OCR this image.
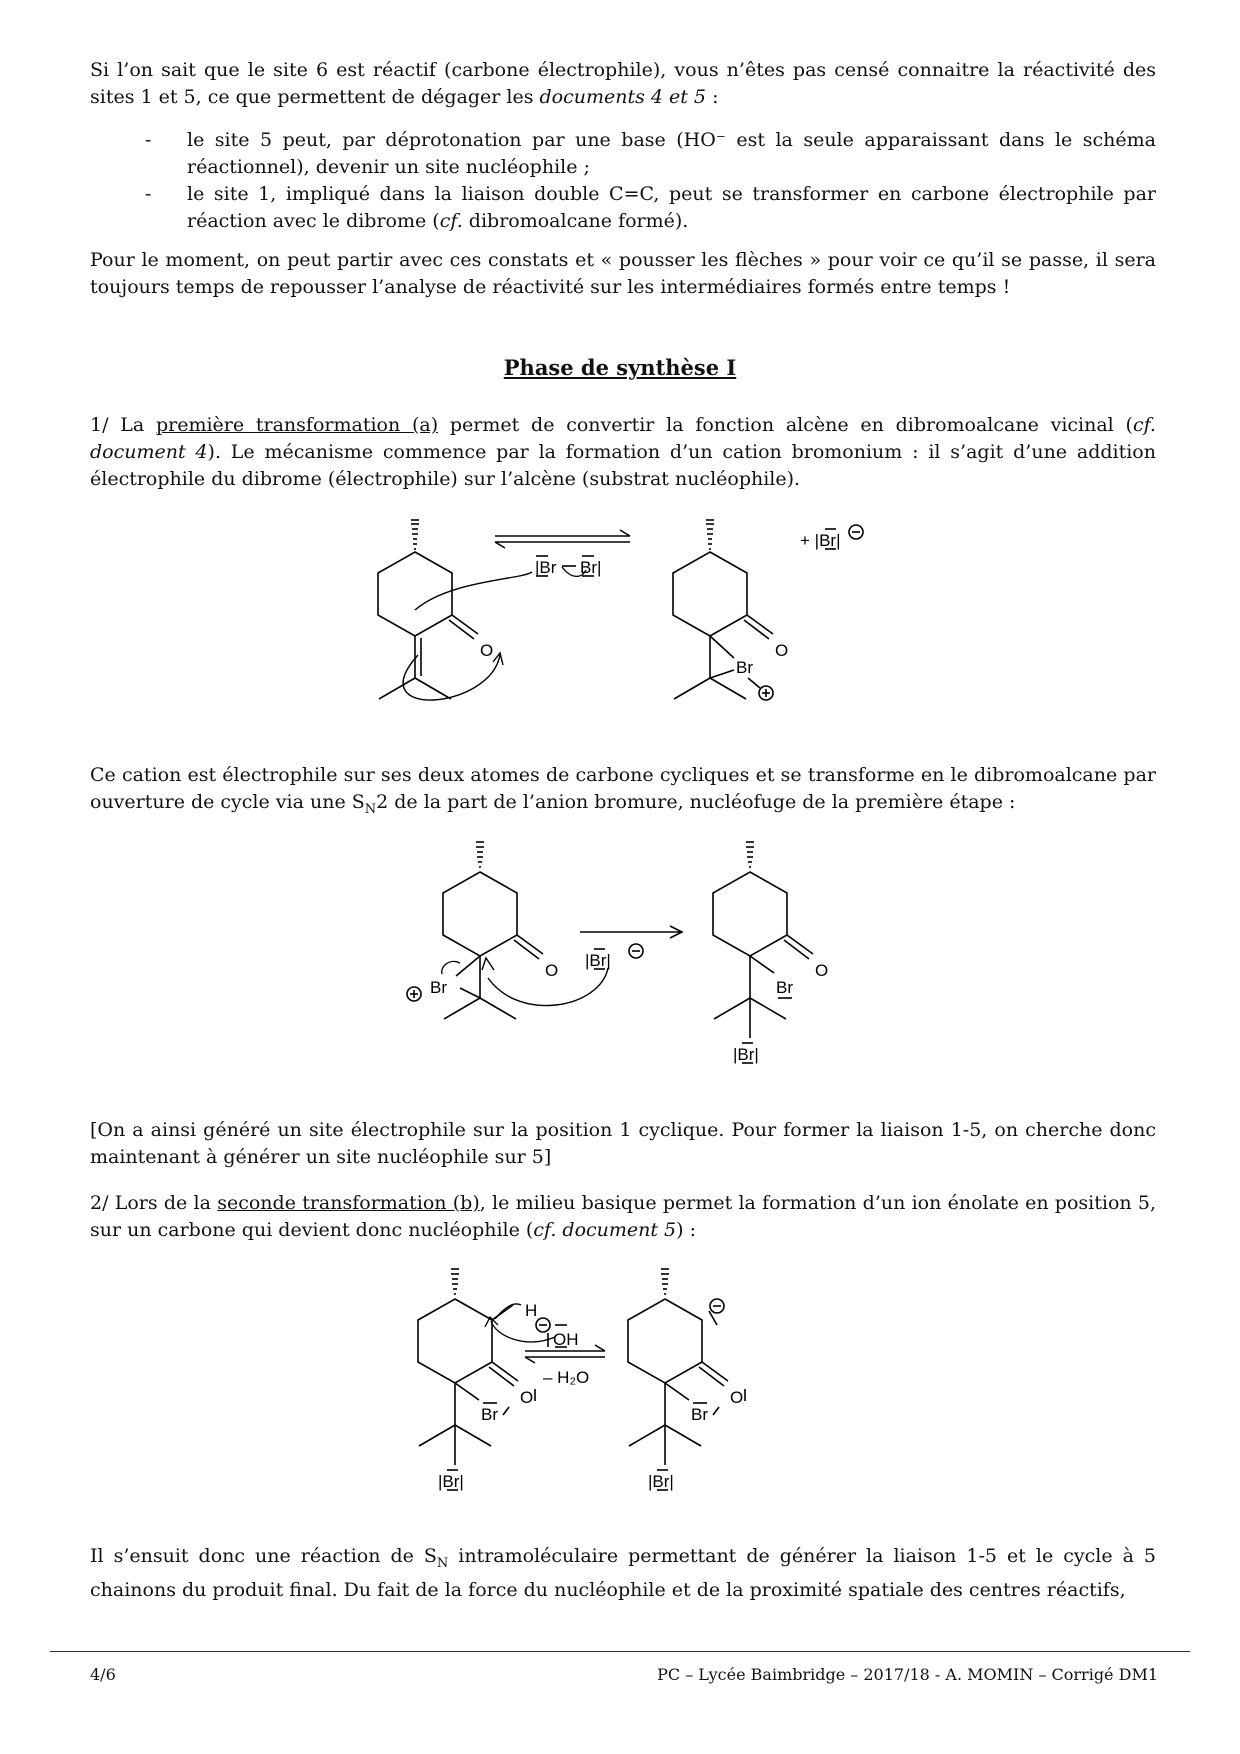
Si l’on sait que le site 6 est réactif (carbone électrophile), vous n’êtes pas censé connaitre la réactivité des sites 1 et 5, ce que permettent de dégager les documents 4 et 5 :

- le site 5 peut, par déprotonation par une base (HO⁻ est la seule apparaissant dans le schéma réactionnel), devenir un site nucléophile ;
- le site 1, impliqué dans la liaison double C=C, peut se transformer en carbone électrophile par réaction avec le dibrome (cf. dibromoalcane formé).

Pour le moment, on peut partir avec ces constats et « pousser les flèches » pour voir ce qu’il se passe, il sera toujours temps de repousser l’analyse de réactivité sur les intermédiaires formés entre temps !

Phase de synthèse I

1/ La première transformation (a) permet de convertir la fonction alcène en dibromoalcane vicinal (cf. document 4). Le mécanisme commence par la formation d’un cation bromonium : il s’agit d’une addition électrophile du dibrome (électrophile) sur l’alcène (substrat nucléophile).

O
|Br Br|
O
Br
+ |Br|

Ce cation est électrophile sur ses deux atomes de carbone cycliques et se transforme en le dibromoalcane par ouverture de cycle via une $S_N2$ de la part de l’anion bromure, nucléofuge de la première étape :

O
Br
|Br|
O
Br
|Br|

[On a ainsi généré un site électrophile sur la position 1 cyclique. Pour former la liaison 1-5, on cherche donc maintenant à générer un site nucléophile sur 5]

2/ Lors de la seconde transformation (b), le milieu basique permet la formation d’un ion énolate en position 5, sur un carbone qui devient donc nucléophile (cf. document 5) :

H
O
Br
|Br|
OH
– H₂O
O
Br
|Br|

Il s’ensuit donc une réaction de $S_N$ intramoléculaire permettant de générer la liaison 1-5 et le cycle à 5 chainons du produit final. Du fait de la force du nucléophile et de la proximité spatiale des centres réactifs,

4/6	PC – Lycée Baimbridge – 2017/18 - A. MOMIN – Corrigé DM1
